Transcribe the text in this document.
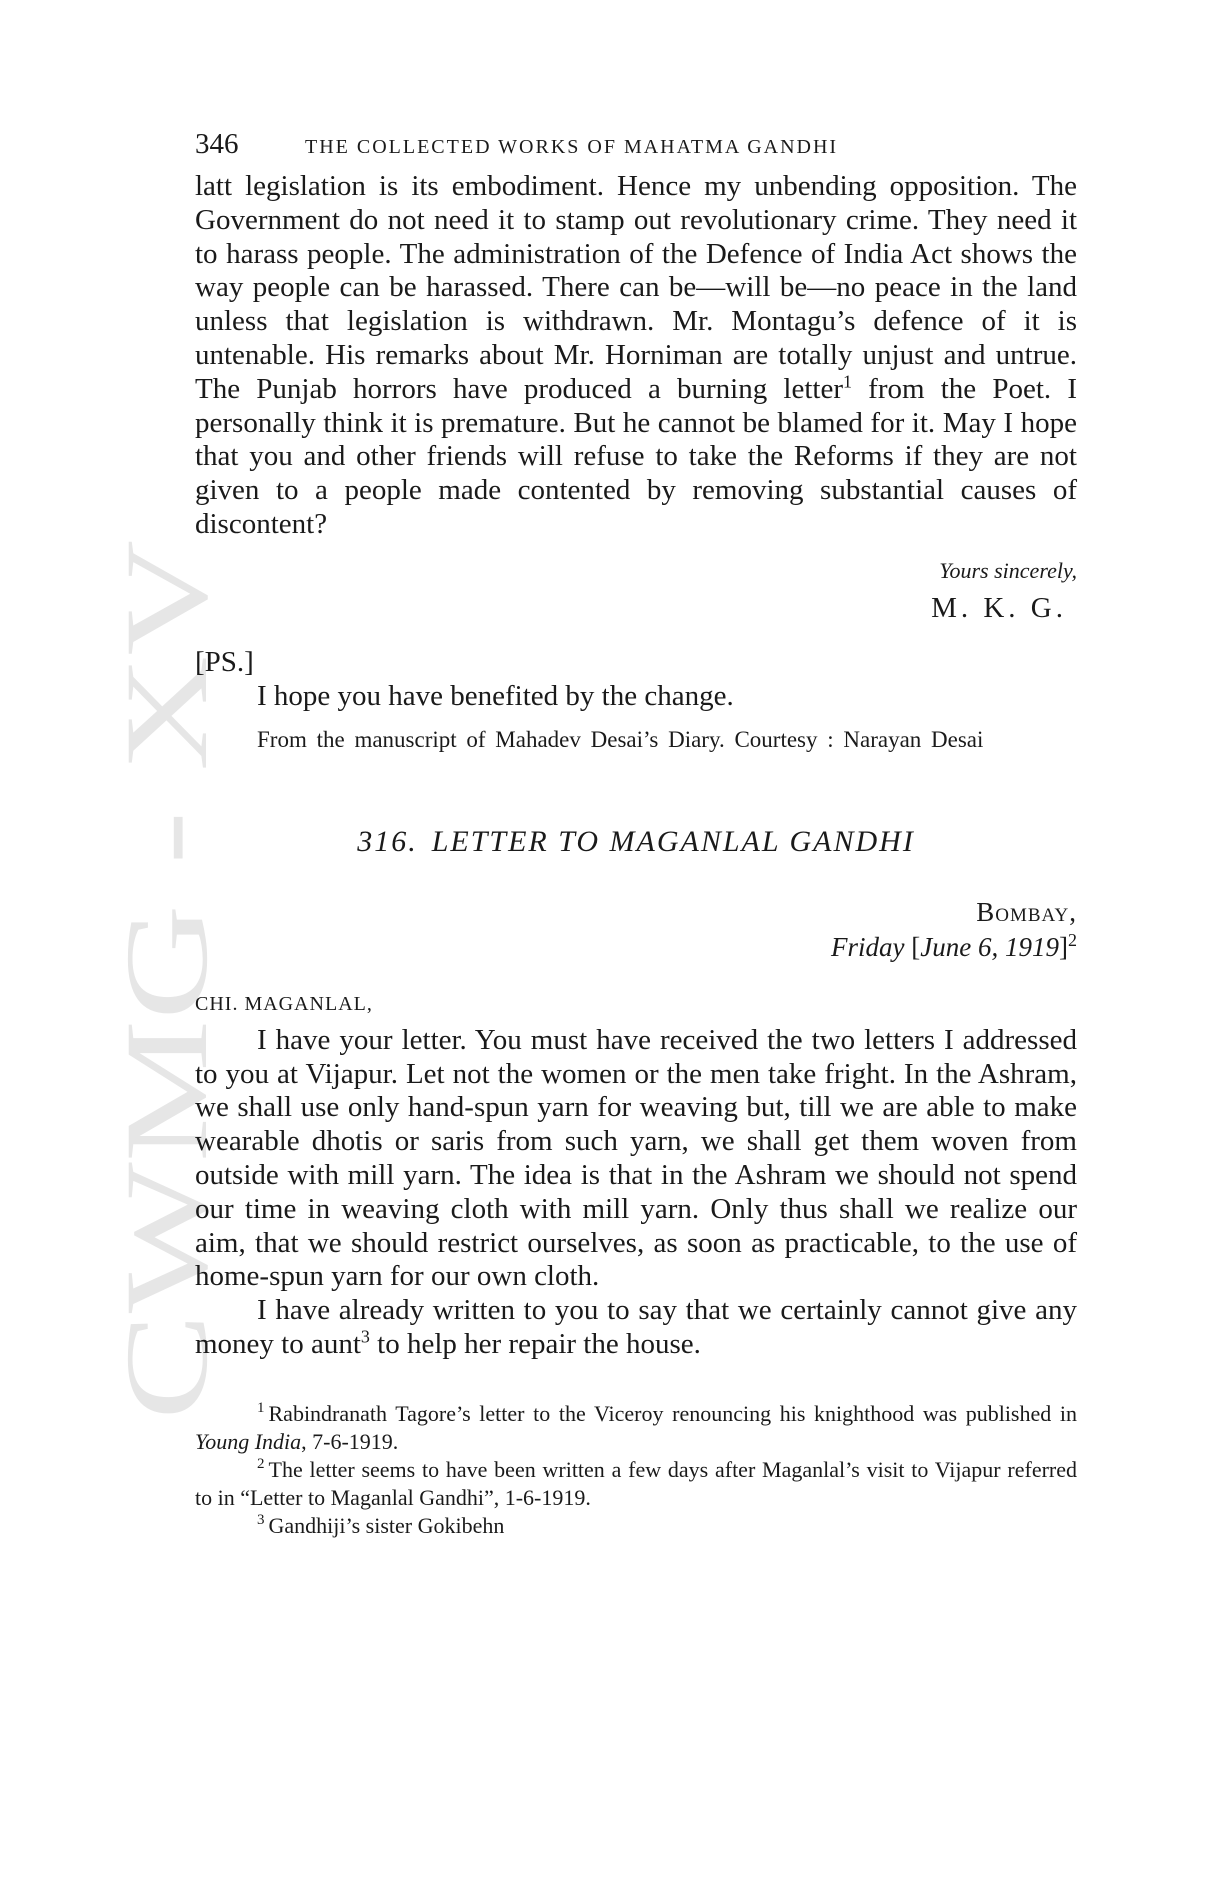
CWMG - XV
346	THE COLLECTED WORKS OF MAHATMA GANDHI

latt legislation is its embodiment. Hence my unbending opposition. The Government do not need it to stamp out revolutionary crime. They need it to harass people. The administration of the Defence of India Act shows the way people can be harassed. There can be—will be—no peace in the land unless that legislation is withdrawn. Mr. Montagu’s defence of it is untenable. His remarks about Mr. Horniman are totally unjust and untrue. The Punjab horrors have produced a burning letter$^1$ from the Poet. I personally think it is premature. But he cannot be blamed for it. May I hope that you and other friends will refuse to take the Reforms if they are not given to a people made contented by removing substantial causes of discontent?

Yours sincerely,
M. K. G.
[PS.]
I hope you have benefited by the change.
From the manuscript of Mahadev Desai’s Diary. Courtesy : Narayan Desai
316. LETTER TO MAGANLAL GANDHI
Bombay,
Friday [June 6, 1919]$^2$
CHI. MAGANLAL,

I have your letter. You must have received the two letters I addressed to you at Vijapur. Let not the women or the men take fright. In the Ashram, we shall use only hand-spun yarn for weaving but, till we are able to make wearable dhotis or saris from such yarn, we shall get them woven from outside with mill yarn. The idea is that in the Ashram we should not spend our time in weaving cloth with mill yarn. Only thus shall we realize our aim, that we should restrict ourselves, as soon as practicable, to the use of home-spun yarn for our own cloth.

I have already written to you to say that we certainly cannot give any money to aunt$^3$ to help her repair the house.

$^1$ Rabindranath Tagore’s letter to the Viceroy renouncing his knighthood was published in Young India, 7-6-1919.

$^2$ The letter seems to have been written a few days after Maganlal’s visit to Vijapur referred to in “Letter to Maganlal Gandhi”, 1-6-1919.

$^3$ Gandhiji’s sister Gokibehn
